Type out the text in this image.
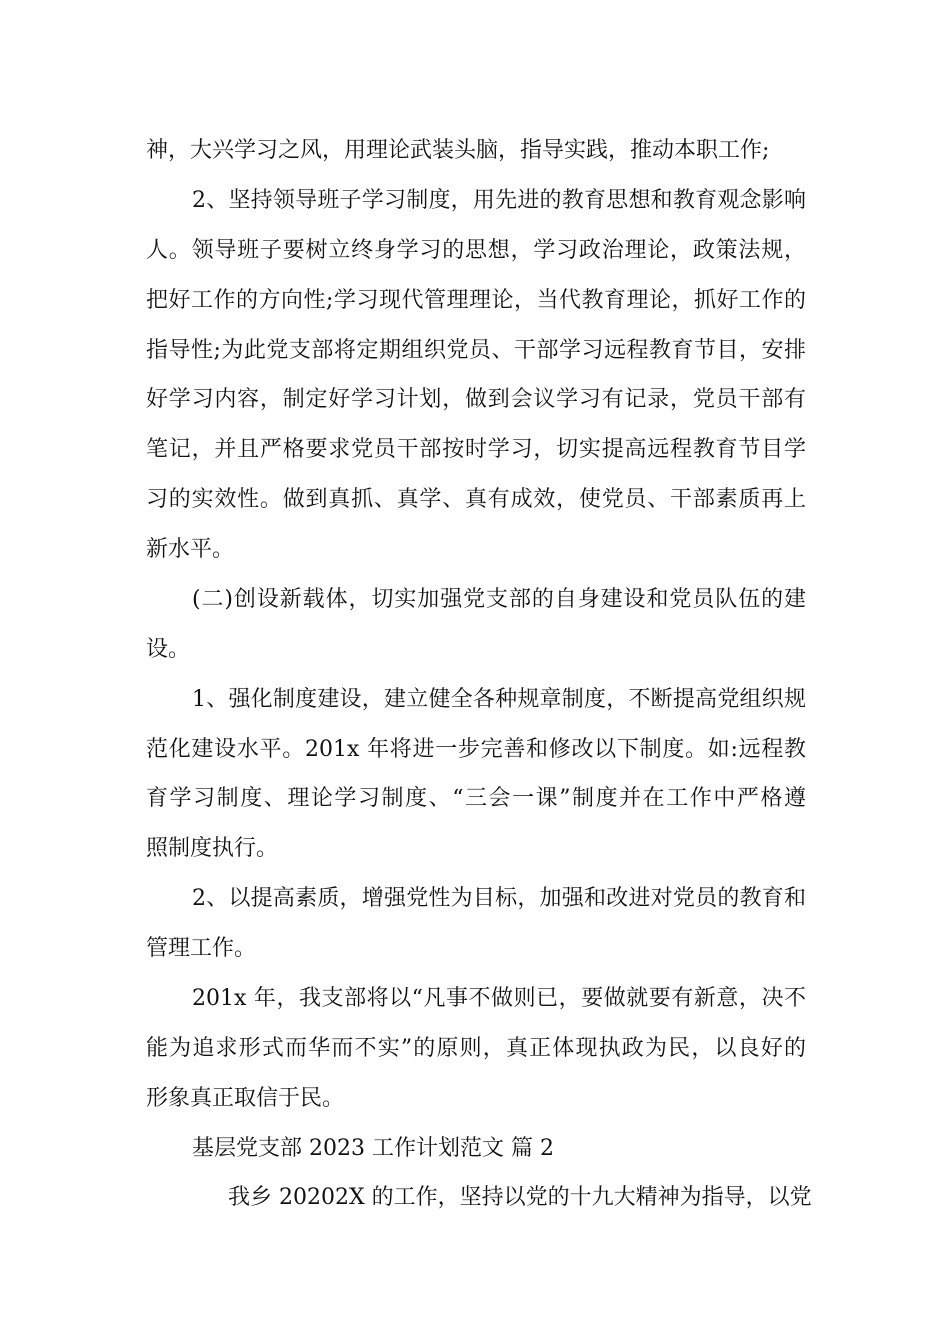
神，大兴学习之风，用理论武装头脑，指导实践，推动本职工作;
2、坚持领导班子学习制度，用先进的教育思想和教育观念影响
人。领导班子要树立终身学习的思想，学习政治理论，政策法规，
把好工作的方向性;学习现代管理理论，当代教育理论，抓好工作的
指导性;为此党支部将定期组织党员、干部学习远程教育节目，安排
好学习内容，制定好学习计划，做到会议学习有记录，党员干部有
笔记，并且严格要求党员干部按时学习，切实提高远程教育节目学
习的实效性。做到真抓、真学、真有成效，使党员、干部素质再上
新水平。
(二)创设新载体，切实加强党支部的自身建设和党员队伍的建
设。
1、强化制度建设，建立健全各种规章制度，不断提高党组织规
范化建设水平。201x 年将进一步完善和修改以下制度。如:远程教
育学习制度、理论学习制度、“三会一课”制度并在工作中严格遵
照制度执行。
2、以提高素质，增强党性为目标，加强和改进对党员的教育和
管理工作。
201x 年，我支部将以“凡事不做则已，要做就要有新意，决不
能为追求形式而华而不实”的原则，真正体现执政为民，以良好的
形象真正取信于民。
基层党支部 2023 工作计划范文 篇 2
我乡 20202X 的工作，坚持以党的十九大精神为指导，以党
